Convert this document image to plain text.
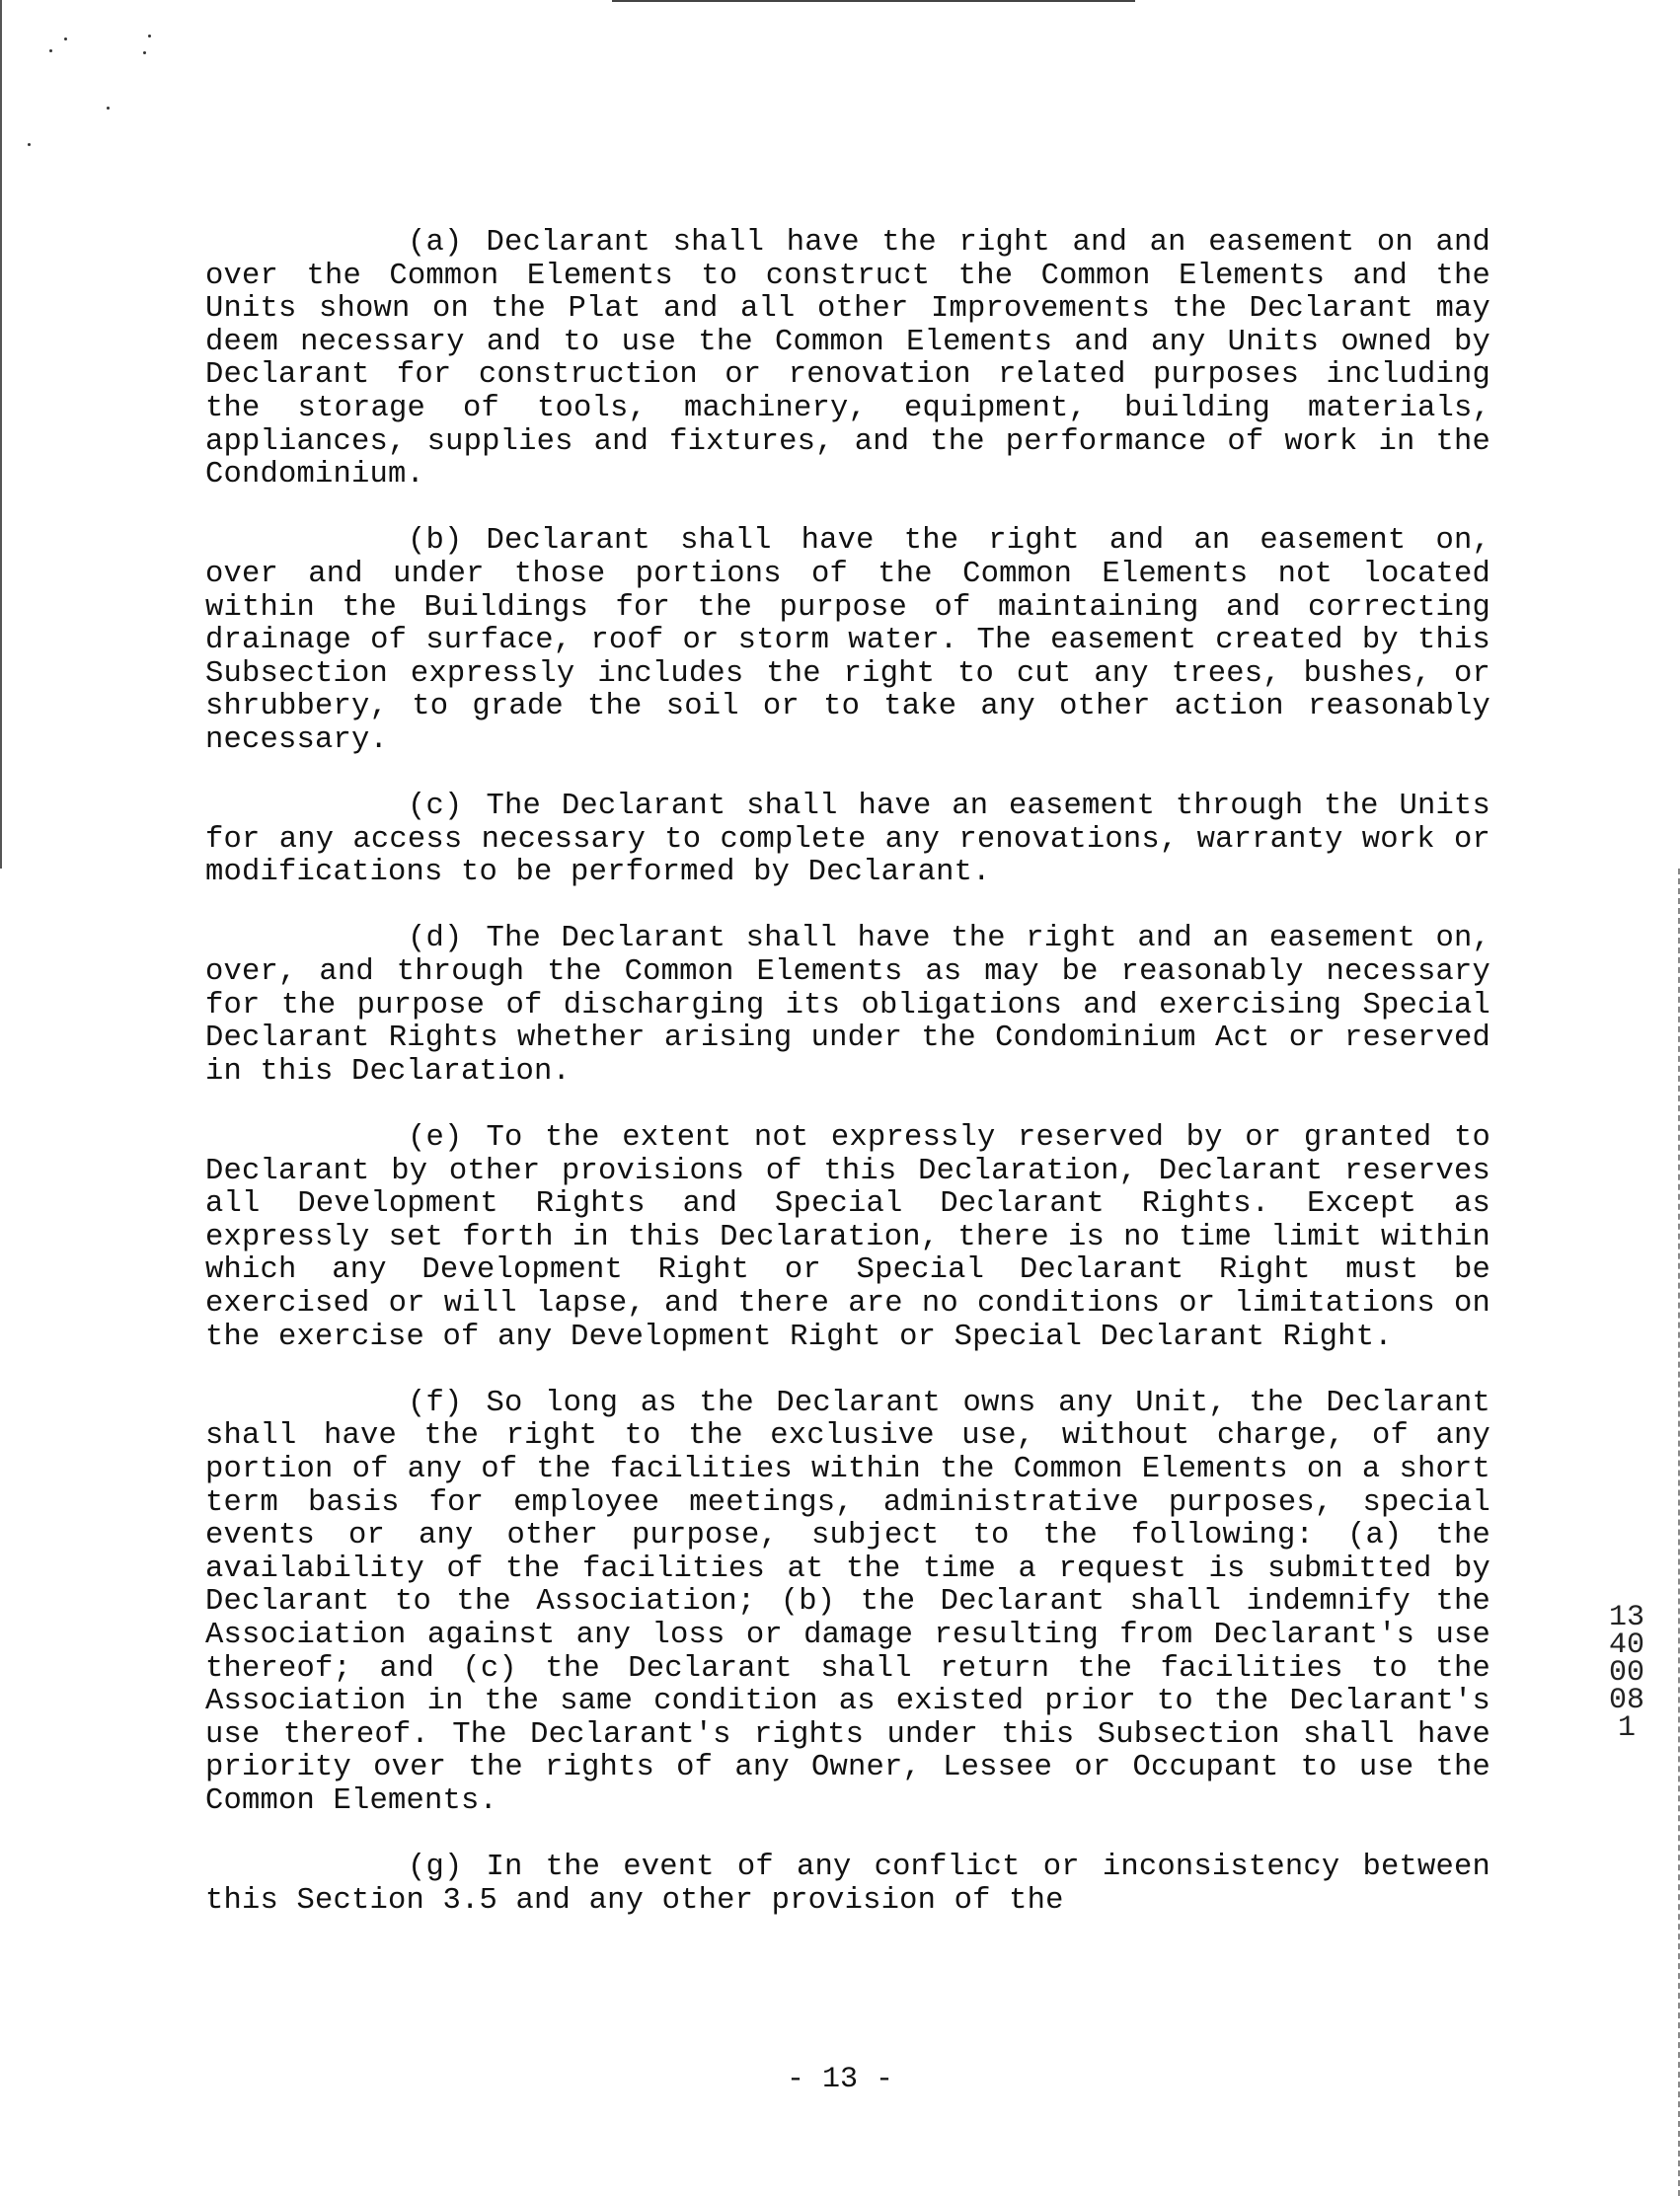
(a) Declarant shall have the right and an easement on and over the Common Elements to construct the Common Elements and the Units shown on the Plat and all other Improvements the Declarant may deem necessary and to use the Common Elements and any Units owned by Declarant for construction or renovation related purposes including the storage of tools, machinery, equipment, building materials, appliances, supplies and fixtures, and the performance of work in the Condominium.

(b) Declarant shall have the right and an easement on, over and under those portions of the Common Elements not located within the Buildings for the purpose of maintaining and correcting drainage of surface, roof or storm water. The easement created by this Subsection expressly includes the right to cut any trees, bushes, or shrubbery, to grade the soil or to take any other action reasonably necessary.

(c) The Declarant shall have an easement through the Units for any access necessary to complete any renovations, warranty work or modifications to be performed by Declarant.

(d) The Declarant shall have the right and an easement on, over, and through the Common Elements as may be reasonably necessary for the purpose of discharging its obligations and exercising Special Declarant Rights whether arising under the Condominium Act or reserved in this Declaration.

(e) To the extent not expressly reserved by or granted to Declarant by other provisions of this Declaration, Declarant reserves all Development Rights and Special Declarant Rights. Except as expressly set forth in this Declaration, there is no time limit within which any Development Right or Special Declarant Right must be exercised or will lapse, and there are no conditions or limitations on the exercise of any Development Right or Special Declarant Right.

(f) So long as the Declarant owns any Unit, the Declarant shall have the right to the exclusive use, without charge, of any portion of any of the facilities within the Common Elements on a short term basis for employee meetings, administrative purposes, special events or any other purpose, subject to the following: (a) the availability of the facilities at the time a request is submitted by Declarant to the Association; (b) the Declarant shall indemnify the Association against any loss or damage resulting from Declarant's use thereof; and (c) the Declarant shall return the facilities to the Association in the same condition as existed prior to the Declarant's use thereof. The Declarant's rights under this Subsection shall have priority over the rights of any Owner, Lessee or Occupant to use the Common Elements.

(g) In the event of any conflict or inconsistency between this Section 3.5 and any other provision of the

1340 00081
- 13 -
